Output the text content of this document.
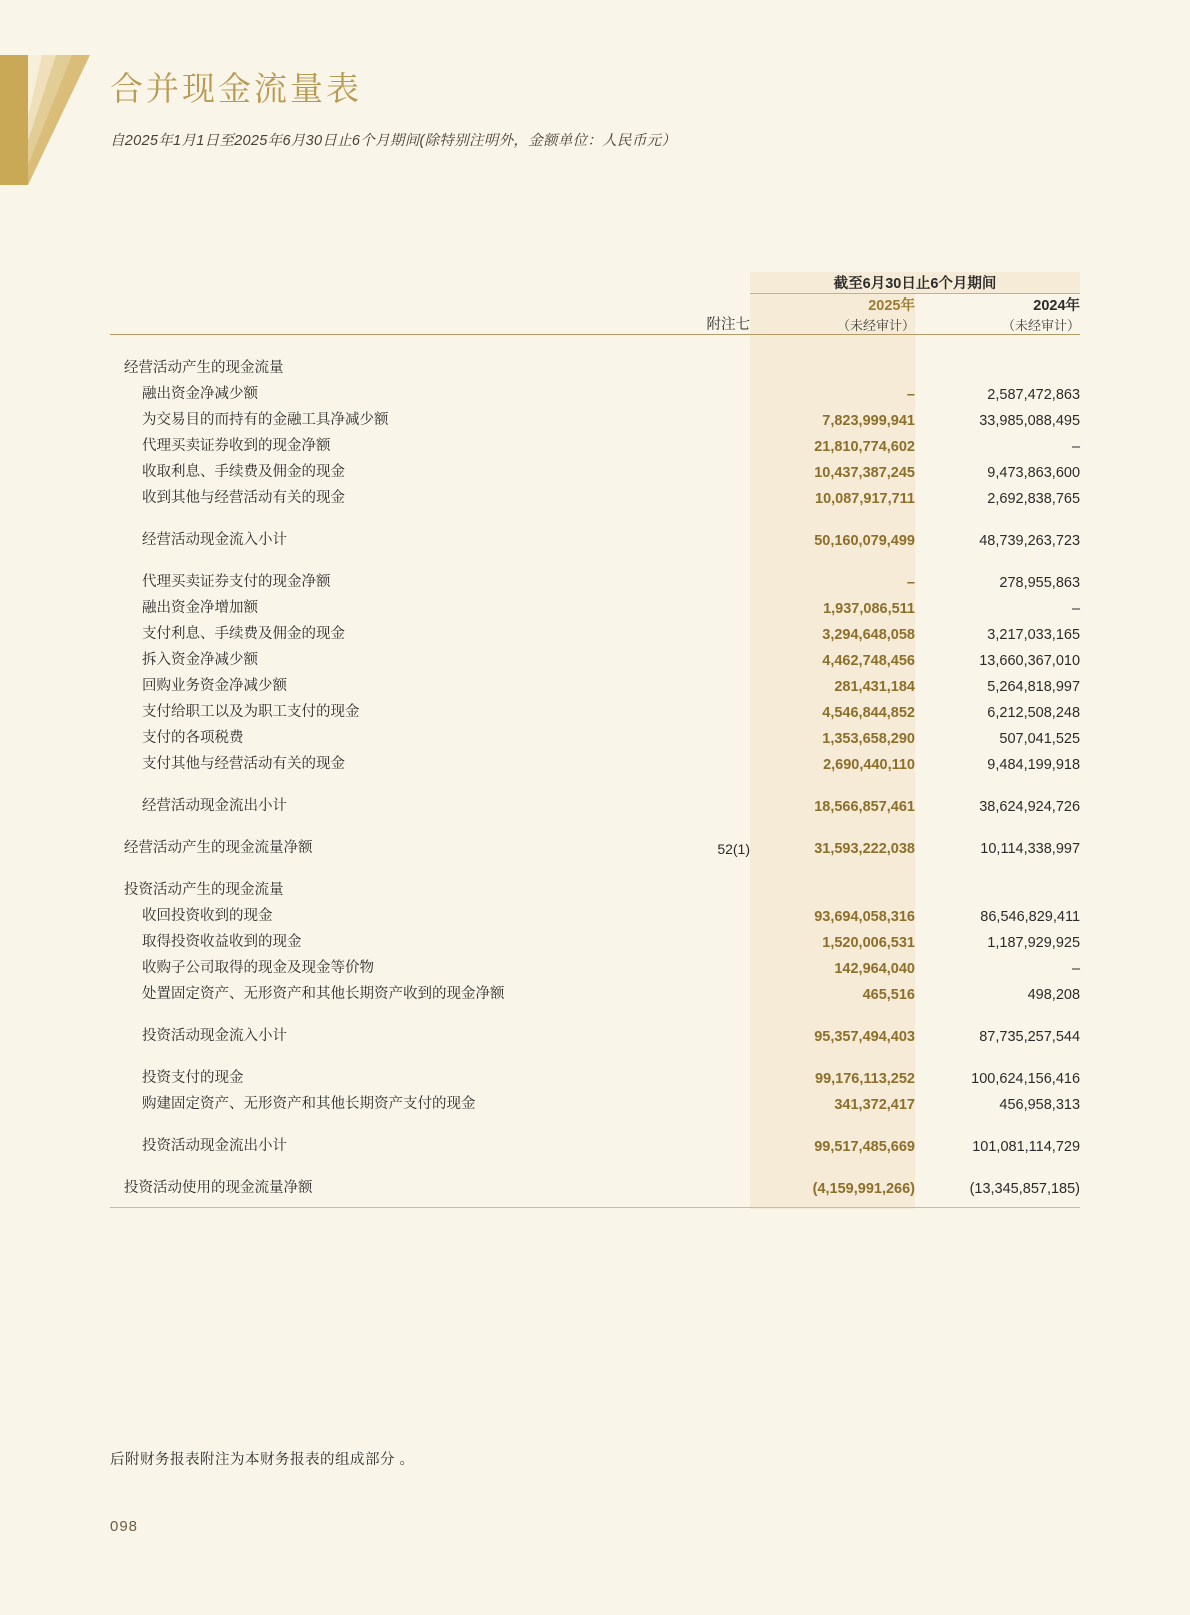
合并现金流量表
自2025年1月1日至2025年6月30日止6个月期间(除特别注明外，金额单位：人民币元）
		截至6月30日止6个月期间	

	附注七	2025年	2024年
		（未经审计）	（未经审计）

经营活动产生的现金流量			
融出资金净减少额		–	2,587,472,863
为交易目的而持有的金融工具净减少额		7,823,999,941	33,985,088,495
代理买卖证券收到的现金净额		21,810,774,602	–
收取利息、手续费及佣金的现金		10,437,387,245	9,473,863,600
收到其他与经营活动有关的现金		10,087,917,711	2,692,838,765

经营活动现金流入小计		50,160,079,499	48,739,263,723

代理买卖证券支付的现金净额		–	278,955,863
融出资金净增加额		1,937,086,511	–
支付利息、手续费及佣金的现金		3,294,648,058	3,217,033,165
拆入资金净减少额		4,462,748,456	13,660,367,010
回购业务资金净减少额		281,431,184	5,264,818,997
支付给职工以及为职工支付的现金		4,546,844,852	6,212,508,248
支付的各项税费		1,353,658,290	507,041,525
支付其他与经营活动有关的现金		2,690,440,110	9,484,199,918

经营活动现金流出小计		18,566,857,461	38,624,924,726

经营活动产生的现金流量净额	52(1)	31,593,222,038	10,114,338,997

投资活动产生的现金流量			
收回投资收到的现金		93,694,058,316	86,546,829,411
取得投资收益收到的现金		1,520,006,531	1,187,929,925
收购子公司取得的现金及现金等价物		142,964,040	–
处置固定资产、无形资产和其他长期资产收到的现金净额		465,516	498,208

投资活动现金流入小计		95,357,494,403	87,735,257,544

投资支付的现金		99,176,113,252	100,624,156,416
购建固定资产、无形资产和其他长期资产支付的现金		341,372,417	456,958,313

投资活动现金流出小计		99,517,485,669	101,081,114,729

投资活动使用的现金流量净额		(4,159,991,266)	(13,345,857,185)

后附财务报表附注为本财务报表的组成部分 。
098
